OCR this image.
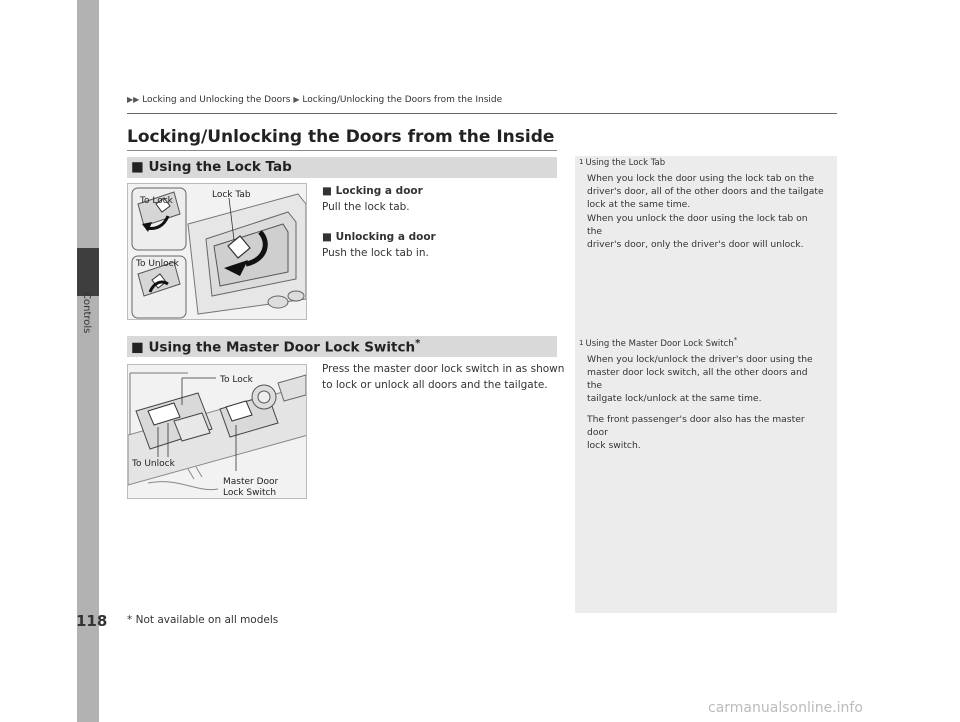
Controls
118
▶▶ Locking and Unlocking the Doors ▶ Locking/Unlocking the Doors from the Inside
Locking/Unlocking the Doors from the Inside
■ Using the Lock Tab
To Lock
Lock Tab
To Unlock
■ Locking a door
Pull the lock tab.
■ Unlocking a door
Push the lock tab in.
■ Using the Master Door Lock Switch*
To Lock
To Unlock
Master Door
Lock Switch
Press the master door lock switch in as shown
to lock or unlock all doors and the tailgate.
1 Using the Lock Tab
When you lock the door using the lock tab on the
driver's door, all of the other doors and the tailgate
lock at the same time.
When you unlock the door using the lock tab on the
driver's door, only the driver's door will unlock.
1 Using the Master Door Lock Switch*
When you lock/unlock the driver's door using the
master door lock switch, all the other doors and the
tailgate lock/unlock at the same time.
The front passenger's door also has the master door
lock switch.
* Not available on all models
carmanualsonline.info
